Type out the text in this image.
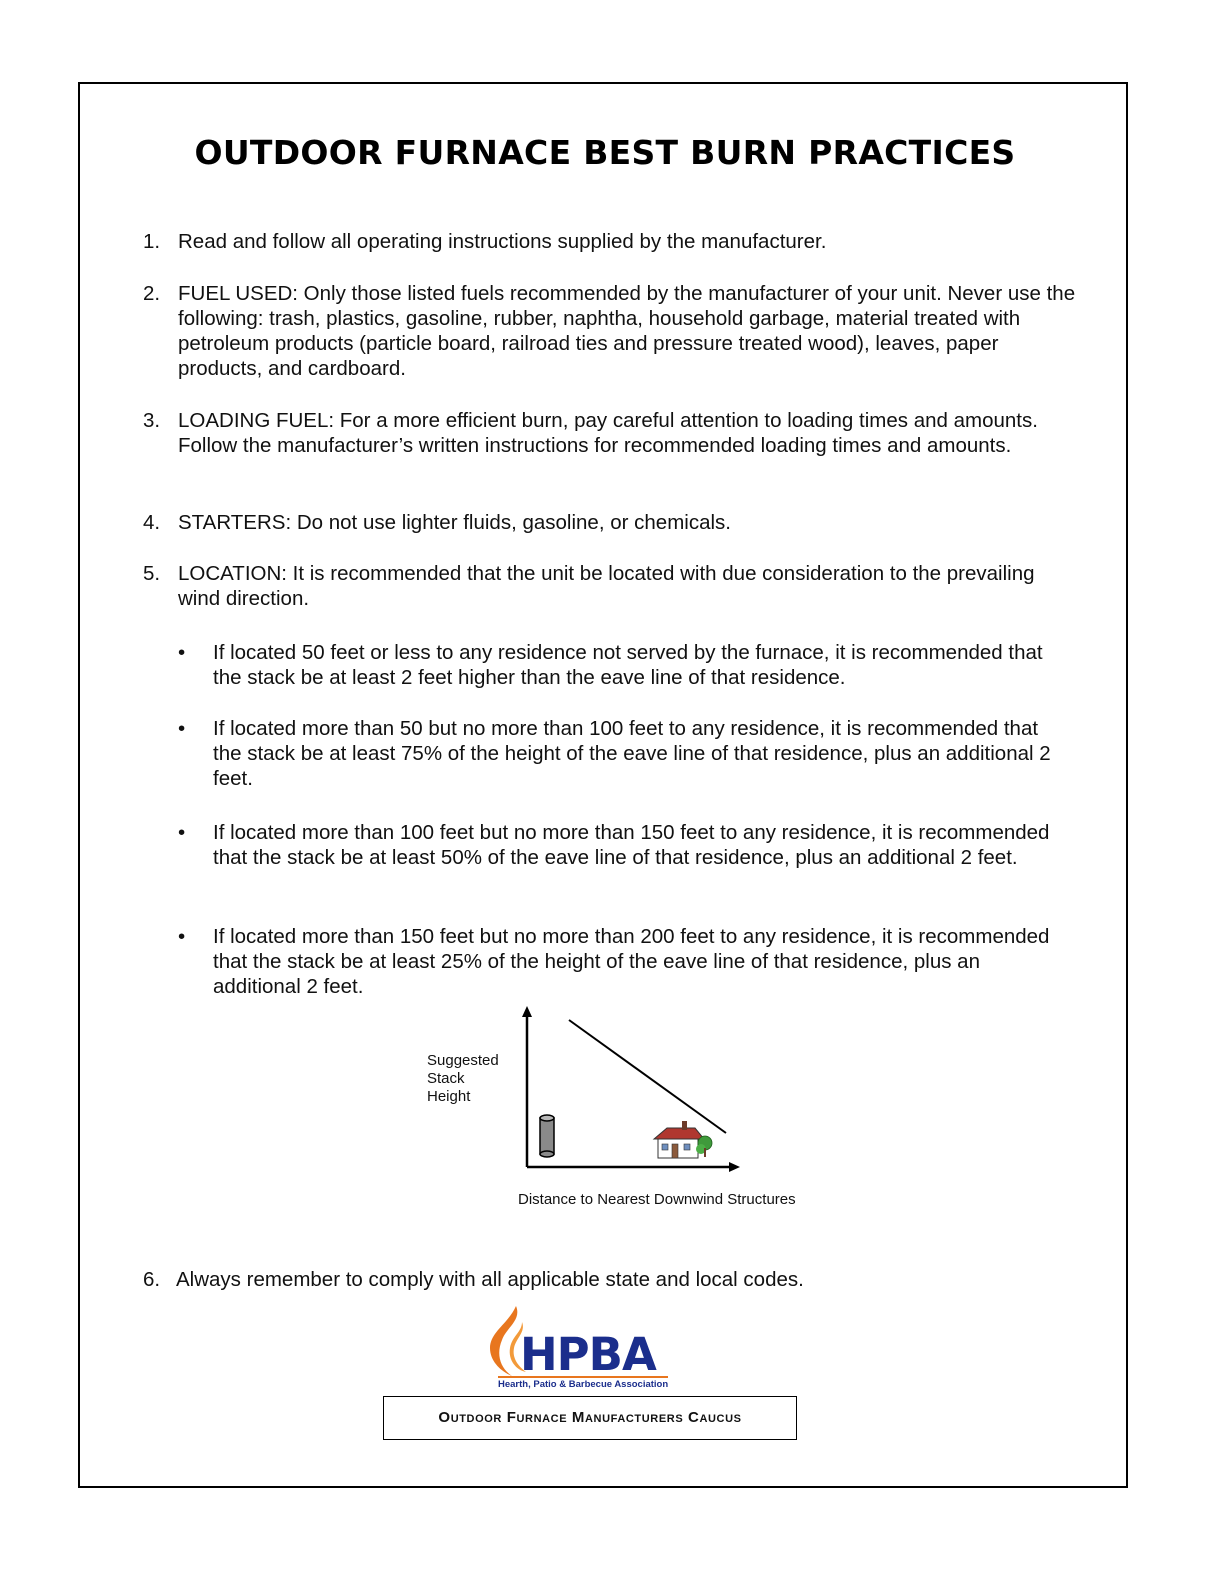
OUTDOOR FURNACE BEST BURN PRACTICES
1. Read and follow all operating instructions supplied by the manufacturer.
2. FUEL USED: Only those listed fuels recommended by the manufacturer of your unit. Never use the following: trash, plastics, gasoline, rubber, naphtha, household garbage, material treated with petroleum products (particle board, railroad ties and pressure treated wood), leaves, paper products, and cardboard.
3. LOADING FUEL: For a more efficient burn, pay careful attention to loading times and amounts. Follow the manufacturer’s written instructions for recommended loading times and amounts.
4. STARTERS: Do not use lighter fluids, gasoline, or chemicals.
5. LOCATION: It is recommended that the unit be located with due consideration to the prevailing wind direction.
• If located 50 feet or less to any residence not served by the furnace, it is recommended that the stack be at least 2 feet higher than the eave line of that residence.
• If located more than 50 but no more than 100 feet to any residence, it is recommended that the stack be at least 75% of the height of the eave line of that residence, plus an additional 2 feet.
• If located more than 100 feet but no more than 150 feet to any residence, it is recommended that the stack be at least 50% of the eave line of that residence, plus an additional 2 feet.
• If located more than 150 feet but no more than 200 feet to any residence, it is recommended that the stack be at least 25% of the height of the eave line of that residence, plus an additional 2 feet.
Suggested
Stack
Height
Distance to Nearest Downwind Structures
6. Always remember to comply with all applicable state and local codes.
HPBA
Hearth, Patio & Barbecue Association
Outdoor Furnace Manufacturers Caucus
